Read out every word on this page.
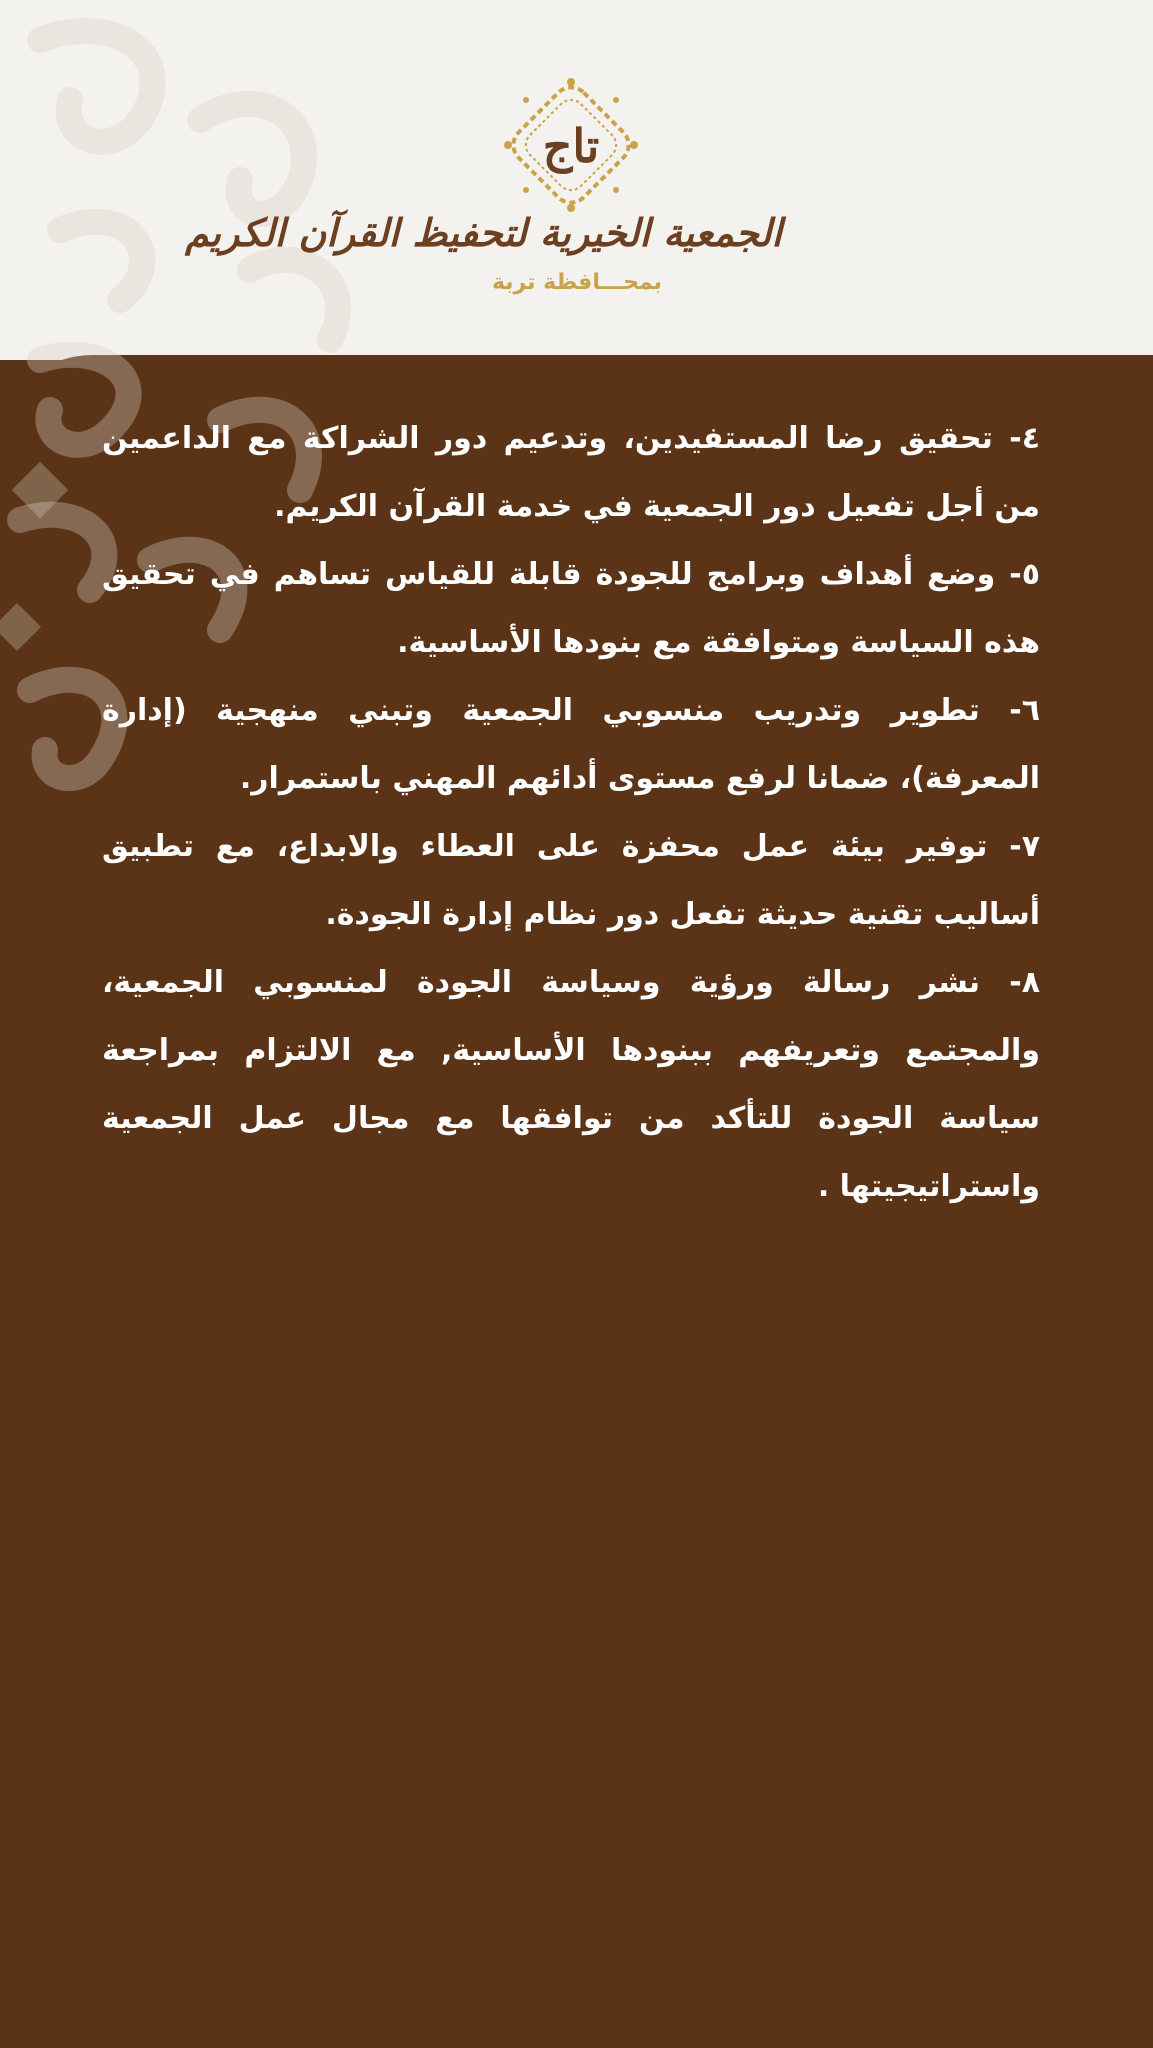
تاج
الجمعية الخيرية لتحفيظ القرآن الكريم
بمحـــافظة تربة

٤- تحقيق رضا المستفيدين، وتدعيم دور الشراكة مع الداعمين من أجل تفعيل دور الجمعية في خدمة القرآن الكريم.

٥- وضع أهداف وبرامج للجودة قابلة للقياس تساهم في تحقيق هذه السياسة ومتوافقة مع بنودها الأساسية.

٦- تطوير وتدريب منسوبي الجمعية وتبني منهجية (إدارة المعرفة)، ضمانا لرفع مستوى أدائهم المهني باستمرار.

٧- توفير بيئة عمل محفزة على العطاء والابداع، مع تطبيق أساليب تقنية حديثة تفعل دور نظام إدارة الجودة.

٨- نشر رسالة ورؤية وسياسة الجودة لمنسوبي الجمعية، والمجتمع وتعريفهم ببنودها الأساسية, مع الالتزام بمراجعة سياسة الجودة للتأكد من توافقها مع مجال عمل الجمعية واستراتيجيتها .
